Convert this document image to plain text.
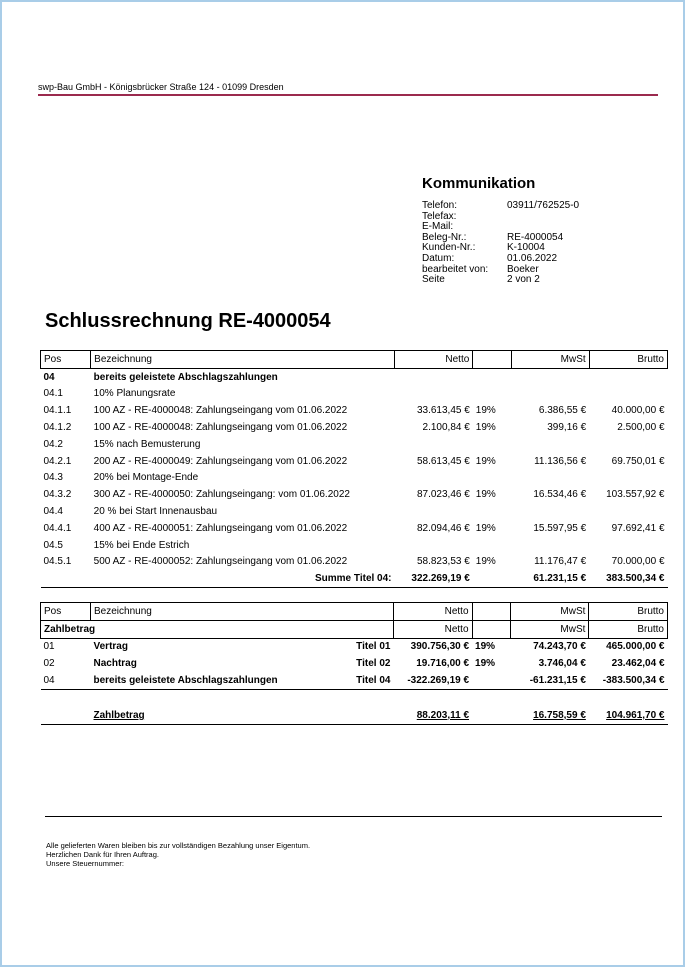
swp-Bau GmbH - Königsbrücker Straße 124 - 01099 Dresden
Kommunikation
Telefon:	03911/762525-0
Telefax:
E-Mail:
Beleg-Nr.:	RE-4000054
Kunden-Nr.:	K-10004
Datum:	01.06.2022
bearbeitet von:	Boeker
Seite	2 von 2
Schlussrechnung RE-4000054
Pos	Bezeichnung	Netto		MwSt	Brutto
04	bereits geleistete Abschlagszahlungen				
04.1	10% Planungsrate				
04.1.1	100 AZ - RE-4000048: Zahlungseingang vom 01.06.2022	33.613,45 €	19%	6.386,55 €	40.000,00 €
04.1.2	100 AZ - RE-4000048: Zahlungseingang vom 01.06.2022	2.100,84 €	19%	399,16 €	2.500,00 €
04.2	15% nach Bemusterung				
04.2.1	200 AZ - RE-4000049: Zahlungseingang vom 01.06.2022	58.613,45 €	19%	11.136,56 €	69.750,01 €
04.3	20% bei Montage-Ende				
04.3.2	300 AZ - RE-4000050: Zahlungseingang: vom 01.06.2022	87.023,46 €	19%	16.534,46 €	103.557,92 €
04.4	20 % bei Start Innenausbau				
04.4.1	400 AZ - RE-4000051: Zahlungseingang vom 01.06.2022	82.094,46 €	19%	15.597,95 €	97.692,41 €
04.5	15% bei Ende Estrich				
04.5.1	500 AZ - RE-4000052: Zahlungseingang vom 01.06.2022	58.823,53 €	19%	11.176,47 €	70.000,00 €
	Summe Titel 04:	322.269,19 €		61.231,15 €	383.500,34 €
Pos	Bezeichnung	Netto		MwSt	Brutto
Zahlbetrag		Netto		MwSt	Brutto
01	Vertrag Titel 01	390.756,30 €	19%	74.243,70 €	465.000,00 €
02	Nachtrag Titel 02	19.716,00 €	19%	3.746,04 €	23.462,04 €
04	bereits geleistete Abschlagszahlungen Titel 04	-322.269,19 €		-61.231,15 €	-383.500,34 €

	Zahlbetrag	88.203,11 €		16.758,59 €	104.961,70 €
Alle gelieferten Waren bleiben bis zur vollständigen Bezahlung unser Eigentum.
Herzlichen Dank für Ihren Auftrag.
Unsere Steuernummer:
